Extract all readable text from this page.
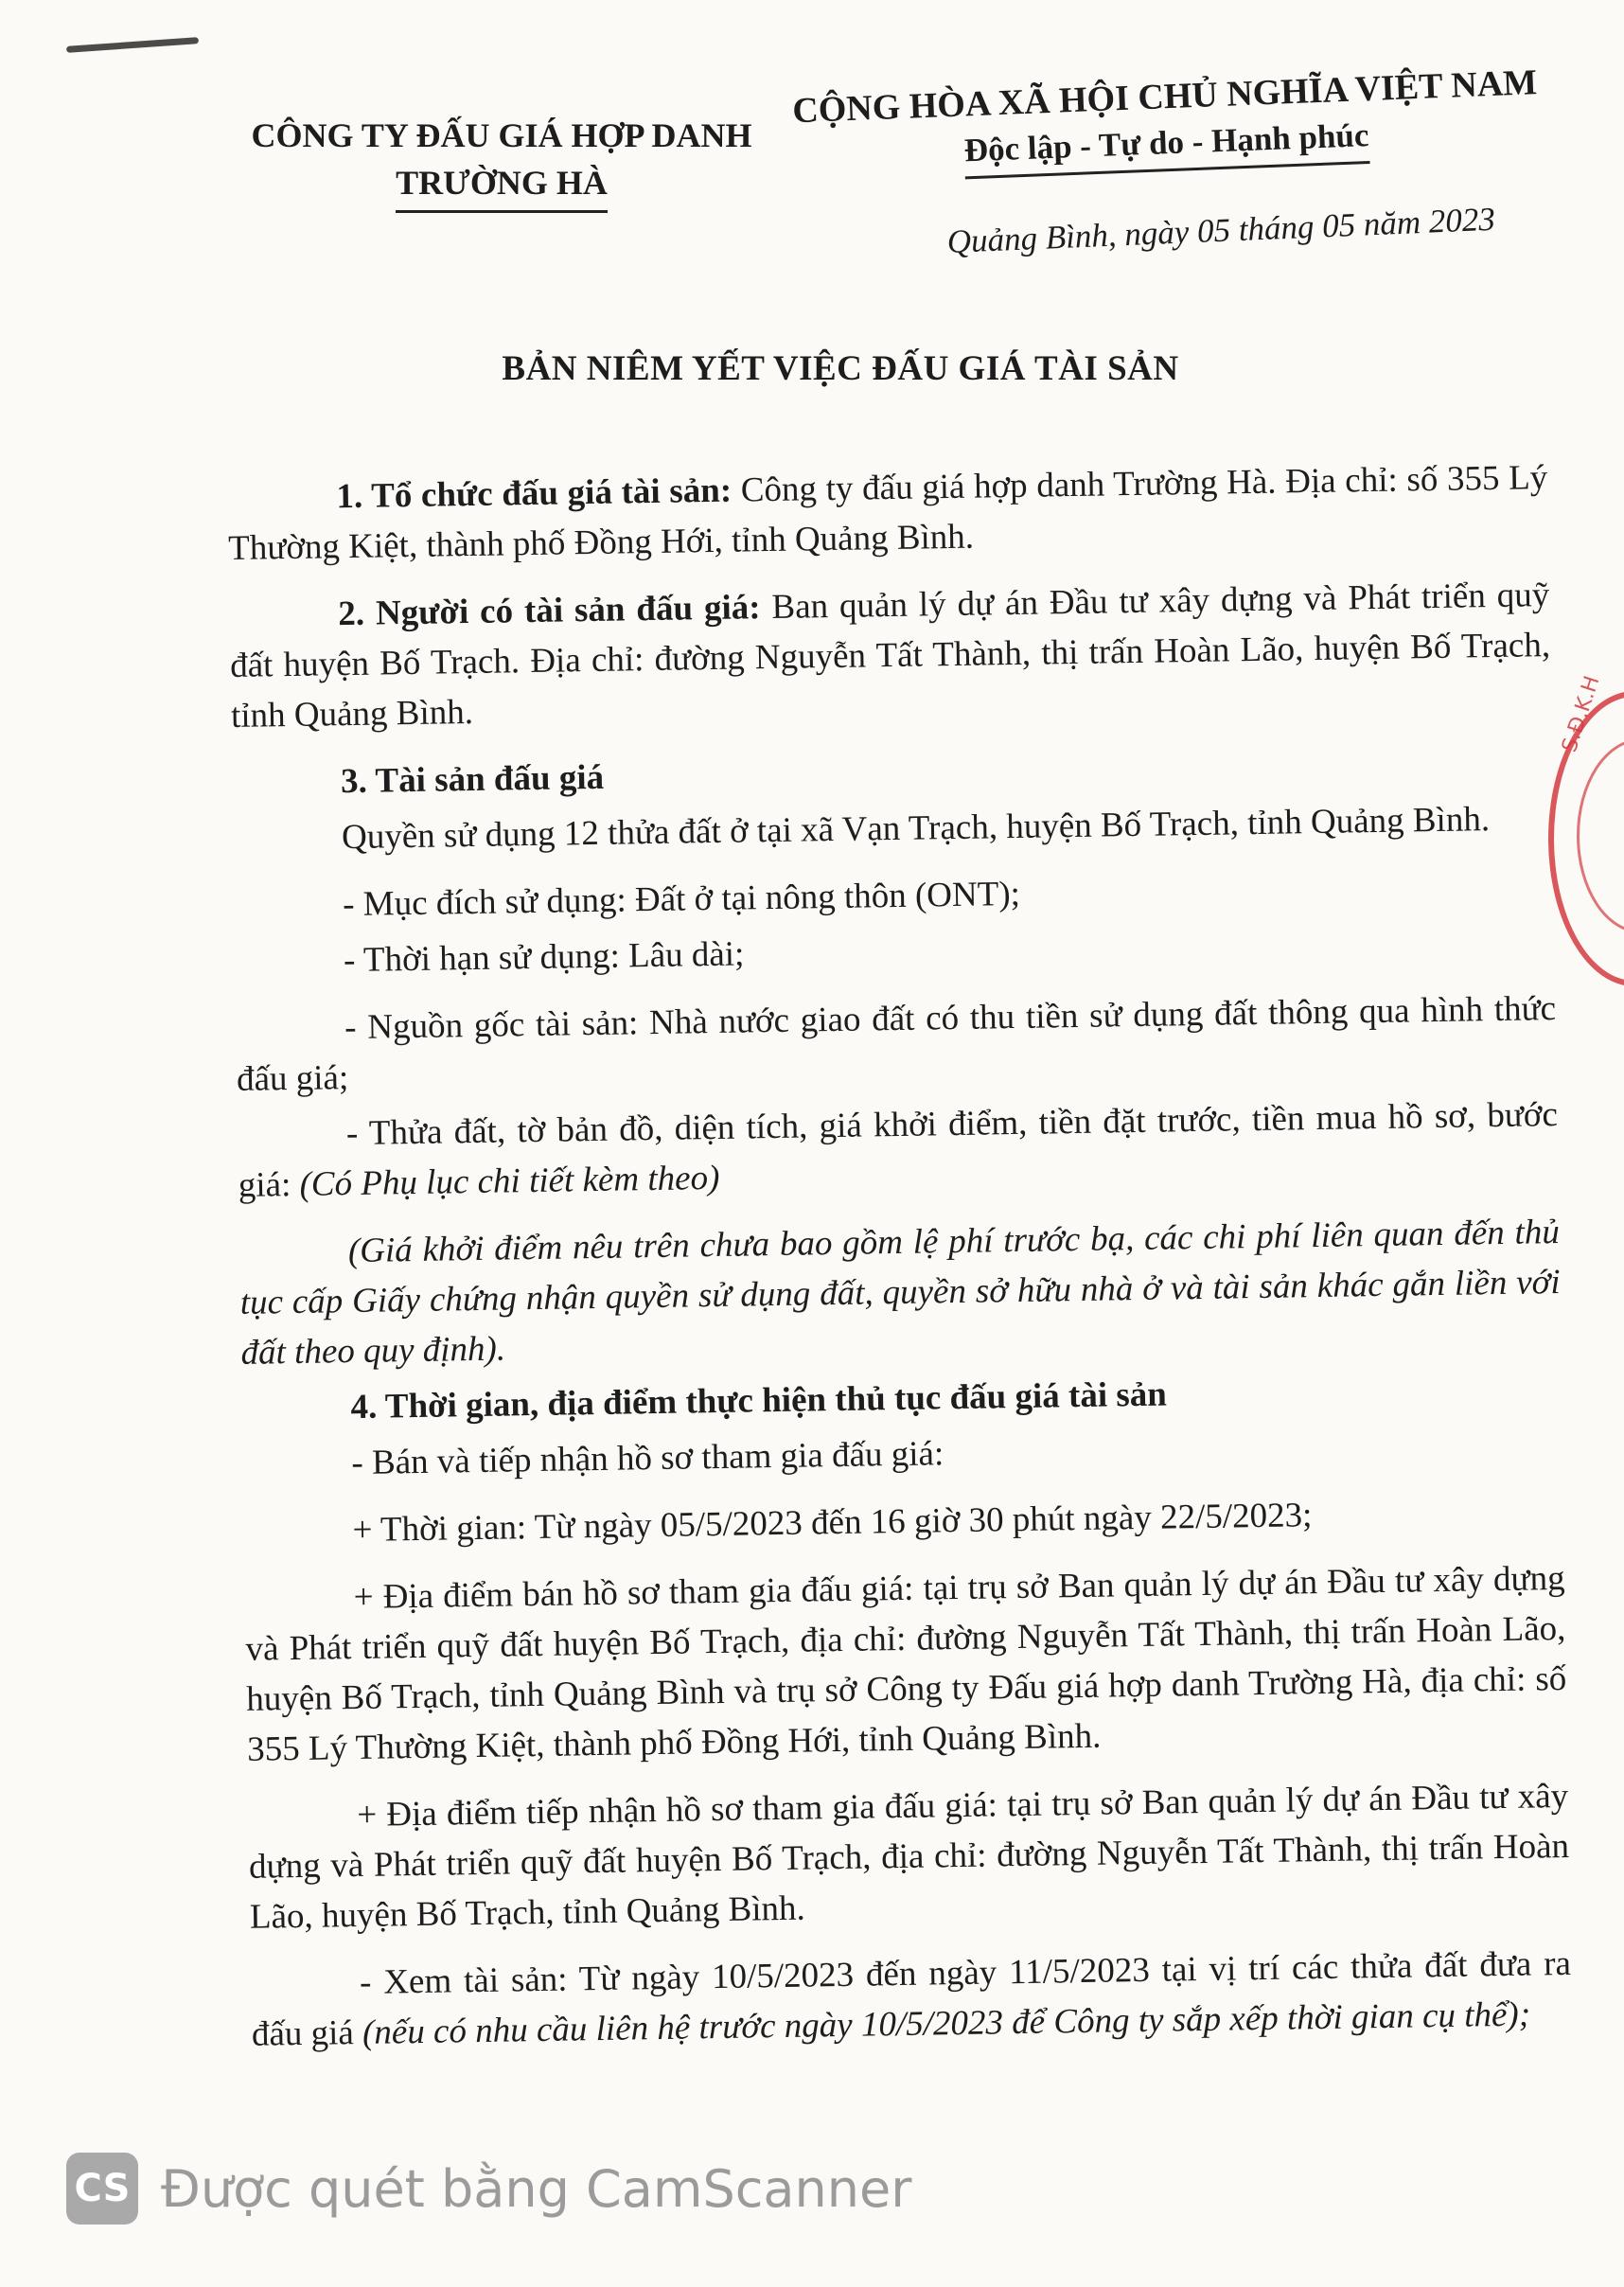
CÔNG TY ĐẤU GIÁ HỢP DANH
TRƯỜNG HÀ
CỘNG HÒA XÃ HỘI CHỦ NGHĨA VIỆT NAM
Độc lập - Tự do - Hạnh phúc
Quảng Bình, ngày 05 tháng 05 năm 2023
BẢN NIÊM YẾT VIỆC ĐẤU GIÁ TÀI SẢN

1. Tổ chức đấu giá tài sản: Công ty đấu giá hợp danh Trường Hà. Địa chỉ: số 355 Lý Thường Kiệt, thành phố Đồng Hới, tỉnh Quảng Bình.

2. Người có tài sản đấu giá: Ban quản lý dự án Đầu tư xây dựng và Phát triển quỹ đất huyện Bố Trạch. Địa chỉ: đường Nguyễn Tất Thành, thị trấn Hoàn Lão, huyện Bố Trạch, tỉnh Quảng Bình.

3. Tài sản đấu giá

Quyền sử dụng 12 thửa đất ở tại xã Vạn Trạch, huyện Bố Trạch, tỉnh Quảng Bình.

- Mục đích sử dụng: Đất ở tại nông thôn (ONT);

- Thời hạn sử dụng: Lâu dài;

- Nguồn gốc tài sản: Nhà nước giao đất có thu tiền sử dụng đất thông qua hình thức đấu giá;

- Thửa đất, tờ bản đồ, diện tích, giá khởi điểm, tiền đặt trước, tiền mua hồ sơ, bước giá: (Có Phụ lục chi tiết kèm theo)

(Giá khởi điểm nêu trên chưa bao gồm lệ phí trước bạ, các chi phí liên quan đến thủ tục cấp Giấy chứng nhận quyền sử dụng đất, quyền sở hữu nhà ở và tài sản khác gắn liền với đất theo quy định).

4. Thời gian, địa điểm thực hiện thủ tục đấu giá tài sản

- Bán và tiếp nhận hồ sơ tham gia đấu giá:

+ Thời gian: Từ ngày 05/5/2023 đến 16 giờ 30 phút ngày 22/5/2023;

+ Địa điểm bán hồ sơ tham gia đấu giá: tại trụ sở Ban quản lý dự án Đầu tư xây dựng và Phát triển quỹ đất huyện Bố Trạch, địa chỉ: đường Nguyễn Tất Thành, thị trấn Hoàn Lão, huyện Bố Trạch, tỉnh Quảng Bình và trụ sở Công ty Đấu giá hợp danh Trường Hà, địa chỉ: số 355 Lý Thường Kiệt, thành phố Đồng Hới, tỉnh Quảng Bình.

+ Địa điểm tiếp nhận hồ sơ tham gia đấu giá: tại trụ sở Ban quản lý dự án Đầu tư xây dựng và Phát triển quỹ đất huyện Bố Trạch, địa chỉ: đường Nguyễn Tất Thành, thị trấn Hoàn Lão, huyện Bố Trạch, tỉnh Quảng Bình.

- Xem tài sản: Từ ngày 10/5/2023 đến ngày 11/5/2023 tại vị trí các thửa đất đưa ra đấu giá (nếu có nhu cầu liên hệ trước ngày 10/5/2023 để Công ty sắp xếp thời gian cụ thể);

S.Đ.K.H
CS Được quét bằng CamScanner
